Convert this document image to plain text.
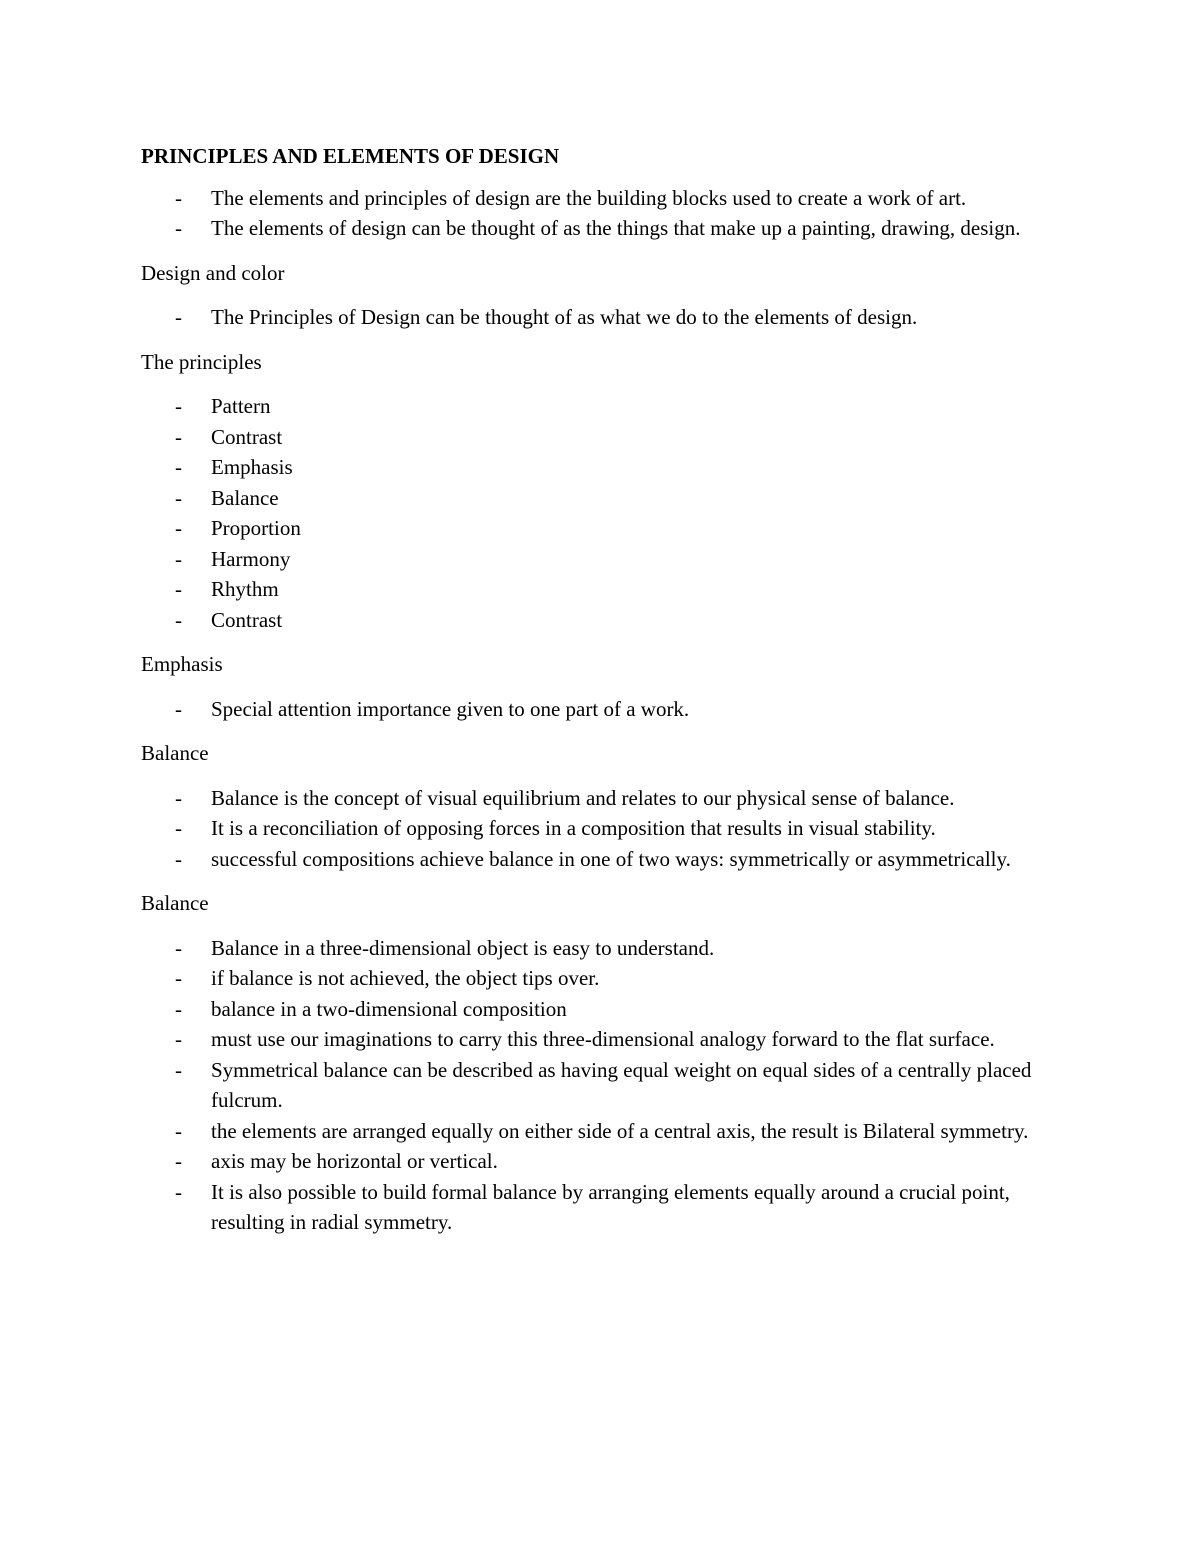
PRINCIPLES AND ELEMENTS OF DESIGN
- The elements and principles of design are the building blocks used to create a work of art.
- The elements of design can be thought of as the things that make up a painting, drawing, design.
Design and color
- The Principles of Design can be thought of as what we do to the elements of design.
The principles
- Pattern
- Contrast
- Emphasis
- Balance
- Proportion
- Harmony
- Rhythm
- Contrast
Emphasis
- Special attention importance given to one part of a work.
Balance
- Balance is the concept of visual equilibrium and relates to our physical sense of balance.
- It is a reconciliation of opposing forces in a composition that results in visual stability.
- successful compositions achieve balance in one of two ways: symmetrically or asymmetrically.
Balance
- Balance in a three-dimensional object is easy to understand.
- if balance is not achieved, the object tips over.
- balance in a two-dimensional composition
- must use our imaginations to carry this three-dimensional analogy forward to the flat surface.
- Symmetrical balance can be described as having equal weight on equal sides of a centrally placed fulcrum.
- the elements are arranged equally on either side of a central axis, the result is Bilateral symmetry.
- axis may be horizontal or vertical.
- It is also possible to build formal balance by arranging elements equally around a crucial point, resulting in radial symmetry.
